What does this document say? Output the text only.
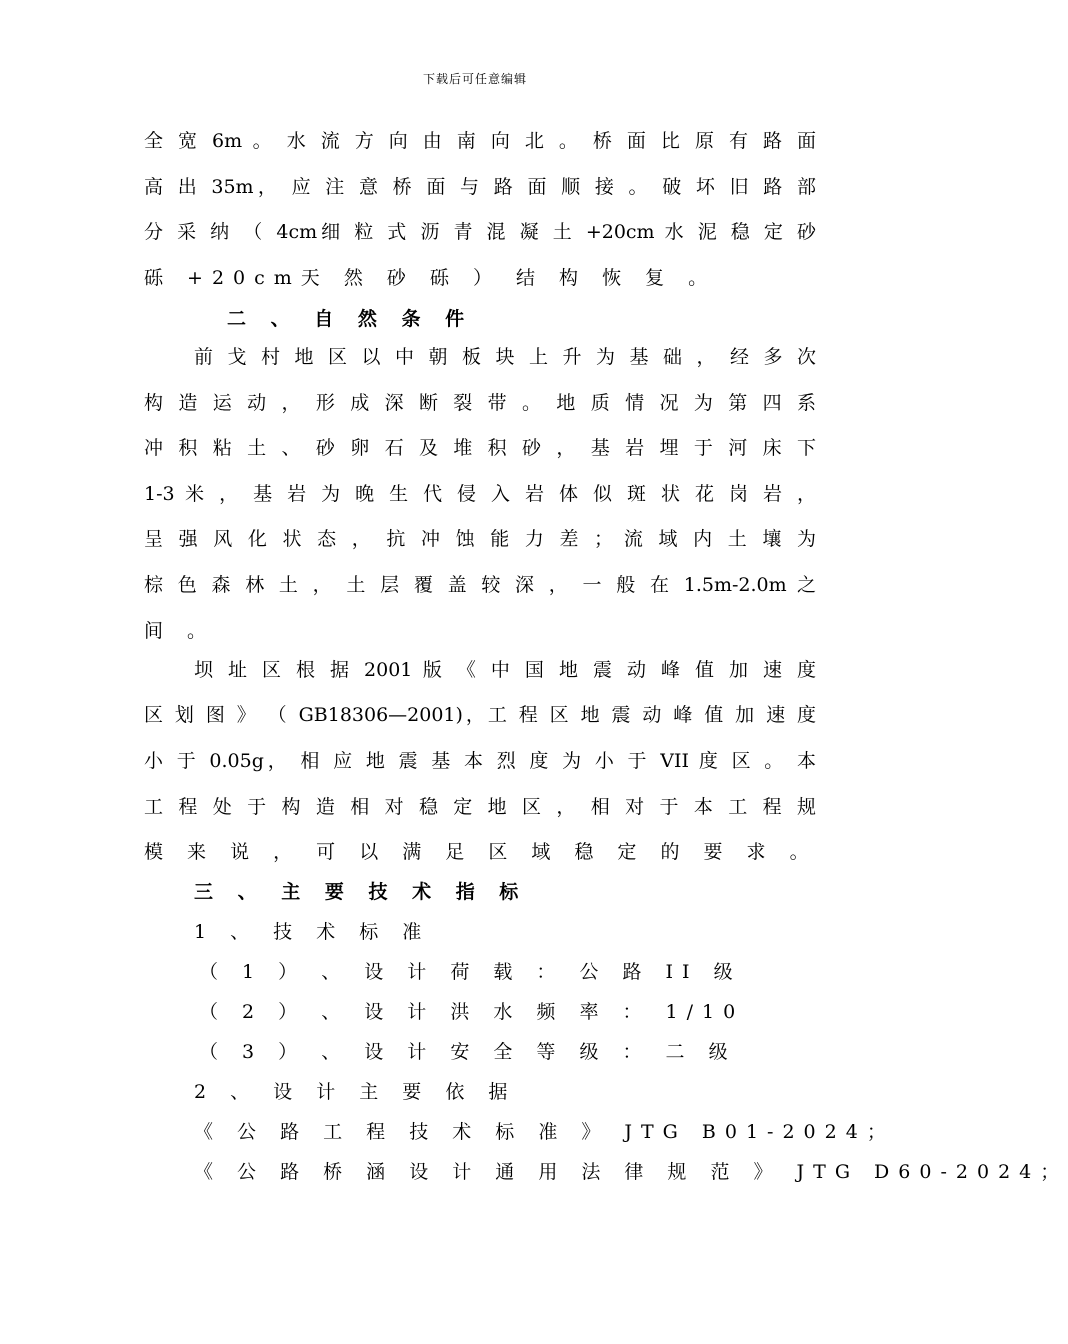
下载后可任意编辑
全 宽 6m 。 水 流 方 向 由 南 向 北 。 桥 面 比 原 有 路 面
高 出 35m， 应 注 意 桥 面 与 路 面 顺 接 。 破 坏 旧 路 部
分 采 纳 （ 4cm细 粒 式 沥 青 混 凝 土 +20cm 水 泥 稳 定 砂
砾 +20cm天 然 砂 砾 ） 结 构 恢 复 。
二 、 自 然 条 件
前 戈 村 地 区 以 中 朝 板 块 上 升 为 基 础 ， 经 多 次
构 造 运 动 ， 形 成 深 断 裂 带 。 地 质 情 况 为 第 四 系
冲 积 粘 土 、 砂 卵 石 及 堆 积 砂 ， 基 岩 埋 于 河 床 下
1-3 米 ， 基 岩 为 晚 生 代 侵 入 岩 体 似 斑 状 花 岗 岩 ，
呈 强 风 化 状 态 ， 抗 冲 蚀 能 力 差 ； 流 域 内 土 壤 为
棕 色 森 林 土 ， 土 层 覆 盖 较 深 ， 一 般 在 1.5m-2.0m 之
间 。
坝 址 区 根 据 2001 版 《 中 国 地 震 动 峰 值 加 速 度
区 划 图 》 （ GB18306—2001)，工 程 区 地 震 动 峰 值 加 速 度
小 于 0.05g， 相 应 地 震 基 本 烈 度 为 小 于 VII 度 区 。 本
工 程 处 于 构 造 相 对 稳 定 地 区 ， 相 对 于 本 工 程 规
模 来 说 ， 可 以 满 足 区 域 稳 定 的 要 求 。
三 、 主 要 技 术 指 标
1 、 技 术 标 准
（ 1 ） 、 设 计 荷 载 ： 公 路 II 级
（ 2 ） 、 设 计 洪 水 频 率 ： 1/10
（ 3 ） 、 设 计 安 全 等 级 ： 二 级
2 、 设 计 主 要 依 据
《 公 路 工 程 技 术 标 准 》 JTG B01-2024；
《 公 路 桥 涵 设 计 通 用 法 律 规 范 》 JTG D60-2024；
